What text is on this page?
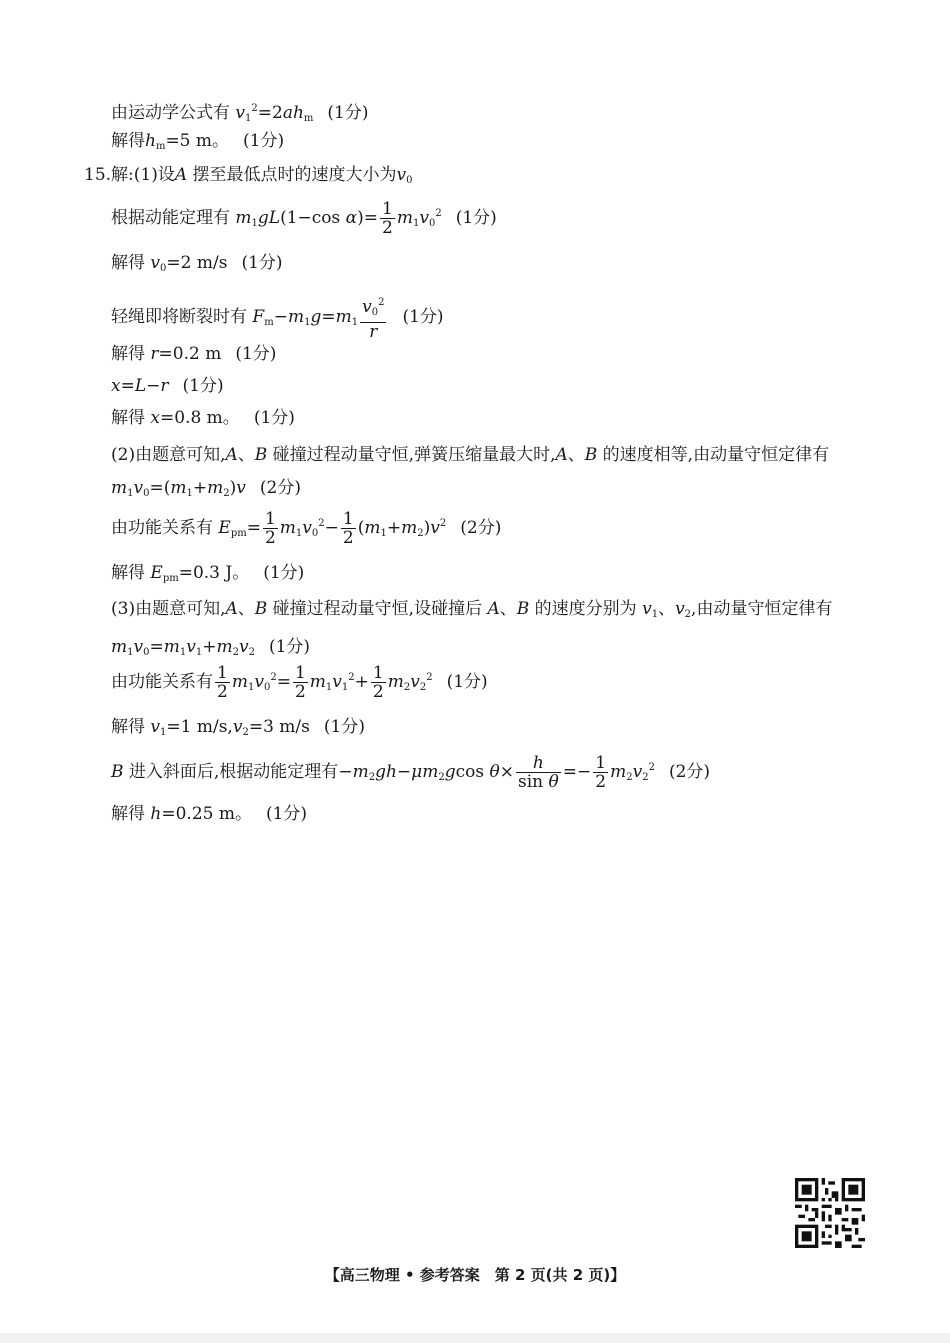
由运动学公式有 $v_1^2=2ah_m$ (1分)
解得$h_m=5$ m。 (1分)
15.解:(1)设A 摆至最低点时的速度大小为$v_0$
根据动能定理有 $m_1gL(1-\cos$ $\alpha)= \frac{1}{2} m_1v_0^2$ (1分)
解得 $v_0=2$ m/s (1分)
轻绳即将断裂时有 $F_m-m_1g=m_1 \frac{v_0^2}{r} (1$分)
解得 r=0.2 m (1分)
x=L−r (1分)
解得 x=0.8 m。 (1分)
(2)由题意可知,A、B 碰撞过程动量守恒,弹簧压缩量最大时,A、B 的速度相等,由动量守恒定律有 $m_1v_0=(m_1+m_2)v$ (2分)
由功能关系有 $E_{pm}= \frac{1}{2} m_1v_0^2- \frac{1}{2} (m_1+m_2)v^2$ (2分)
解得 $E_{pm}=0.3$ J。 (1分)
(3)由题意可知,A、B 碰撞过程动量守恒,设碰撞后 A、B 的速度分别为 $v_1$、$v_2$,由动量守恒定律有 $m_1v_0=m_1v_1+m_2v_2$ (1分)
由功能关系有 $\frac{1}{2} m_1v_0^2= \frac{1}{2} m_1v_1^2+ \frac{1}{2} m_2v_2^2$ (1分)
解得 $v_1=1$ $m/s,v_2=3$ m/s (1分)
B 进入斜面后,根据动能定理有$-m_2gh-\mu m_2gcos$ $\theta\times \frac{h}{\text{sin θ}} =- \frac{1}{2} m_2v_2^2$ (2分)
解得 h=0.25 m。 (1分)
【高三物理 • 参考答案　第 2 页(共 2 页)】
